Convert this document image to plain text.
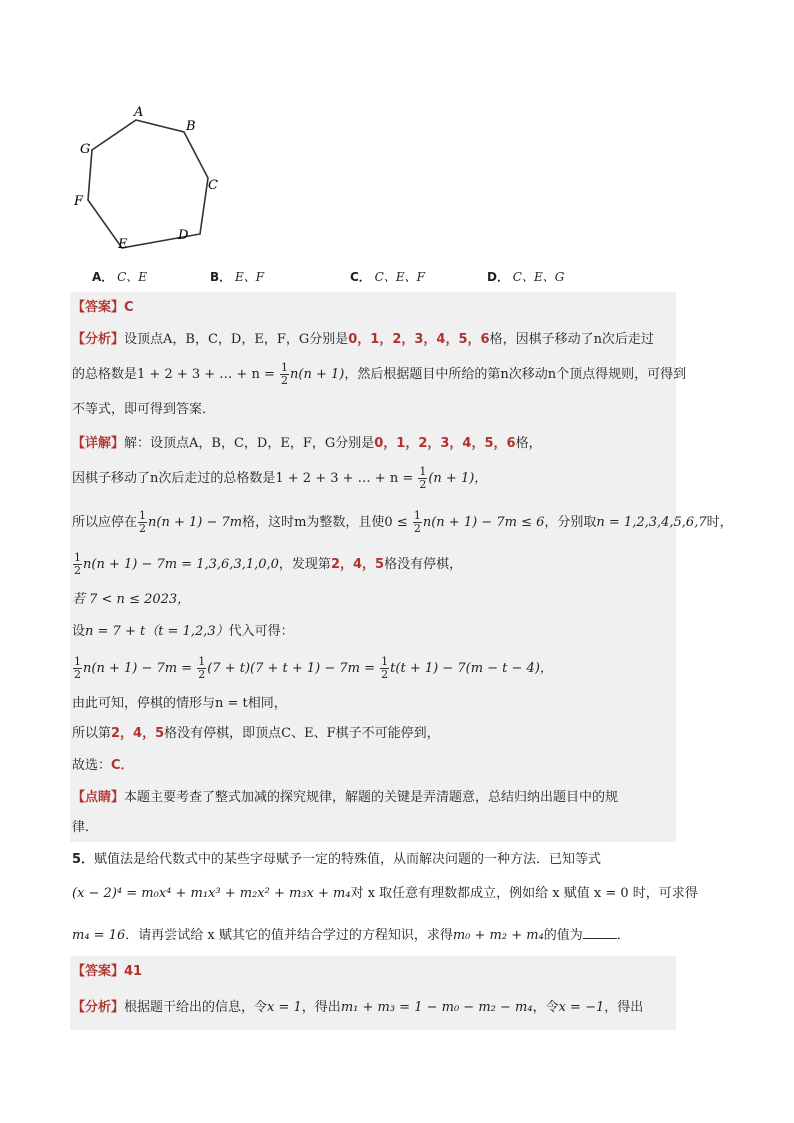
A
B
C
D
E
F
G
A． C、E	B． E、F	C． C、E、F	D． C、E、G
【答案】C
【分析】设顶点A，B，C，D，E，F，G分别是0，1，2，3，4，5，6格，因棋子移动了n次后走过
的总格数是1 + 2 + 3 + … + $n = \frac{1}{2} n(n + 1)$，然后根据题目中所给的第n次移动n个顶点得规则，可得到
不等式，即可得到答案．
【详解】解：设顶点A，B，C，D，E，F，G分别是0，1，2，3，4，5，6格，
因棋子移动了n次后走过的总格数是1 + 2 + 3 + … + $n = \frac{1}{2} (n + 1)$，
所以应停在 $\frac{1}{2} n(n + 1) - 7m$格，这时m为整数，且使$0 \le \frac{1}{2} n(n + 1) - 7m \le 6$，分别取n = 1,2,3,4,5,6,7时，
$\frac{1}{2} n(n + 1) - 7m = 1,3,6,3,1,0,0$，发现第2，4，5格没有停棋，
若 7 < n ≤ 2023，
设n = 7 + t（t = 1,2,3）代入可得：
$\frac{1}{2} n(n + 1) - 7m = \frac{1}{2} (7 + t)(7 + t + 1) - 7m = \frac{1}{2} t(t + 1) - 7(m - t - 4)$，
由此可知，停棋的情形与n = t相同，
所以第2，4，5格没有停棋，即顶点C、E、F棋子不可能停到，
故选：C．
【点睛】本题主要考查了整式加减的探究规律，解题的关键是弄清题意，总结归纳出题目中的规
律．
5．赋值法是给代数式中的某些字母赋予一定的特殊值，从而解决问题的一种方法．已知等式
(x − 2)⁴ = m₀x⁴ + m₁x³ + m₂x² + m₃x + m₄对 x 取任意有理数都成立，例如给 x 赋值 x = 0 时，可求得
m₄ = 16．请再尝试给 x 赋其它的值并结合学过的方程知识，求得m₀ + m₂ + m₄的值为	．
【答案】41
【分析】根据题干给出的信息，令x = 1，得出m₁ + m₃ = 1 − m₀ − m₂ − m₄，令x = −1，得出
